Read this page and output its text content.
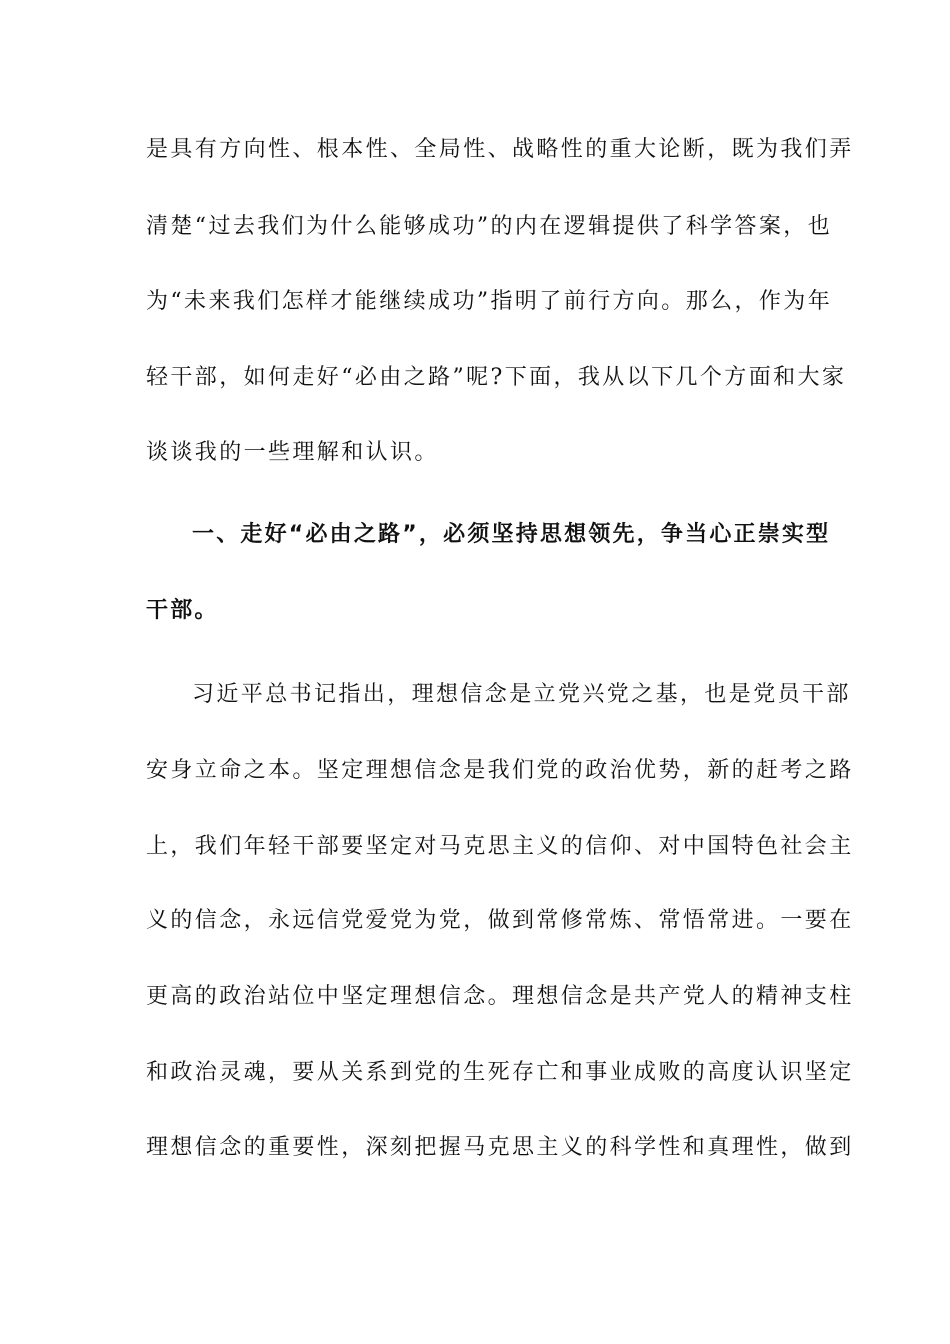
是具有方向性、根本性、全局性、战略性的重大论断，既为我们弄
清楚“过去我们为什么能够成功”的内在逻辑提供了科学答案，也
为“未来我们怎样才能继续成功”指明了前行方向。那么，作为年
轻干部，如何走好“必由之路”呢?下面，我从以下几个方面和大家
谈谈我的一些理解和认识。
一、走好“必由之路”，必须坚持思想领先，争当心正崇实型
干部。
习近平总书记指出，理想信念是立党兴党之基，也是党员干部
安身立命之本。坚定理想信念是我们党的政治优势，新的赶考之路
上，我们年轻干部要坚定对马克思主义的信仰、对中国特色社会主
义的信念，永远信党爱党为党，做到常修常炼、常悟常进。一要在
更高的政治站位中坚定理想信念。理想信念是共产党人的精神支柱
和政治灵魂，要从关系到党的生死存亡和事业成败的高度认识坚定
理想信念的重要性，深刻把握马克思主义的科学性和真理性，做到
